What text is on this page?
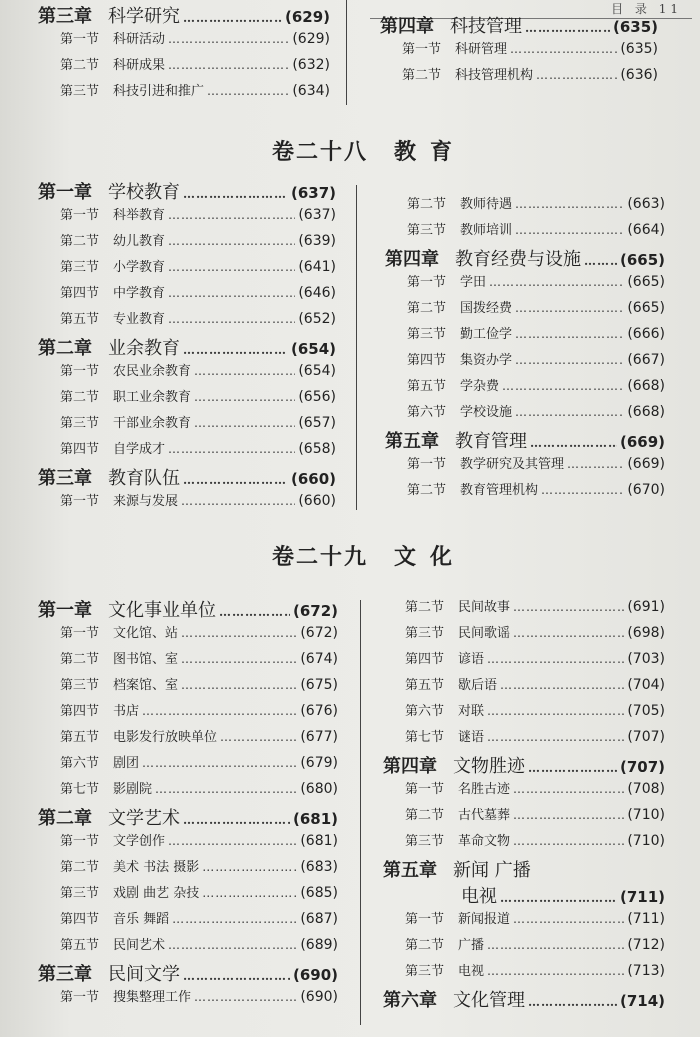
目 录 11
第三章 科学研究 …………………………………………………………………………	(629)
第一节 科研活动 …………………………………………………………………………	(629)
第二节 科研成果 …………………………………………………………………………	(632)
第三节 科技引进和推广 …………………………………………………………………………	(634)
第四章 科技管理 …………………………………………………………………………	(635)
第一节 科研管理 …………………………………………………………………………	(635)
第二节 科技管理机构 …………………………………………………………………………	(636)
卷二十八 教育
第一章 学校教育 …………………………………………………………………………	(637)
第一节 科举教育 …………………………………………………………………………	(637)
第二节 幼儿教育 …………………………………………………………………………	(639)
第三节 小学教育 …………………………………………………………………………	(641)
第四节 中学教育 …………………………………………………………………………	(646)
第五节 专业教育 …………………………………………………………………………	(652)
第二章 业余教育 …………………………………………………………………………	(654)
第一节 农民业余教育 …………………………………………………………………………	(654)
第二节 职工业余教育 …………………………………………………………………………	(656)
第三节 干部业余教育 …………………………………………………………………………	(657)
第四节 自学成才 …………………………………………………………………………	(658)
第三章 教育队伍 …………………………………………………………………………	(660)
第一节 来源与发展 …………………………………………………………………………	(660)
第二节 教师待遇 …………………………………………………………………………	(663)
第三节 教师培训 …………………………………………………………………………	(664)
第四章 教育经费与设施 …………………………………………………………………………	(665)
第一节 学田 …………………………………………………………………………	(665)
第二节 国拨经费 …………………………………………………………………………	(665)
第三节 勤工俭学 …………………………………………………………………………	(666)
第四节 集资办学 …………………………………………………………………………	(667)
第五节 学杂费 …………………………………………………………………………	(668)
第六节 学校设施 …………………………………………………………………………	(668)
第五章 教育管理 …………………………………………………………………………	(669)
第一节 教学研究及其管理 …………………………………………………………………………	(669)
第二节 教育管理机构 …………………………………………………………………………	(670)
卷二十九 文化
第一章 文化事业单位 …………………………………………………………………………	(672)
第一节 文化馆、站 …………………………………………………………………………	(672)
第二节 图书馆、室 …………………………………………………………………………	(674)
第三节 档案馆、室 …………………………………………………………………………	(675)
第四节 书店 …………………………………………………………………………	(676)
第五节 电影发行放映单位 …………………………………………………………………………	(677)
第六节 剧团 …………………………………………………………………………	(679)
第七节 影剧院 …………………………………………………………………………	(680)
第二章 文学艺术 …………………………………………………………………………	(681)
第一节 文学创作 …………………………………………………………………………	(681)
第二节 美术 书法 摄影 …………………………………………………………………………	(683)
第三节 戏剧 曲艺 杂技 …………………………………………………………………………	(685)
第四节 音乐 舞蹈 …………………………………………………………………………	(687)
第五节 民间艺术 …………………………………………………………………………	(689)
第三章 民间文学 …………………………………………………………………………	(690)
第一节 搜集整理工作 …………………………………………………………………………	(690)
第二节 民间故事 …………………………………………………………………………	(691)
第三节 民间歌谣 …………………………………………………………………………	(698)
第四节 谚语 …………………………………………………………………………	(703)
第五节 歇后语 …………………………………………………………………………	(704)
第六节 对联 …………………………………………………………………………	(705)
第七节 谜语 …………………………………………………………………………	(707)
第四章 文物胜迹 …………………………………………………………………………	(707)
第一节 名胜古迹 …………………………………………………………………………	(708)
第二节 古代墓葬 …………………………………………………………………………	(710)
第三节 革命文物 …………………………………………………………………………	(710)
第五章 新闻 广播
电视 …………………………………………………………………………	(711)
第一节 新闻报道 …………………………………………………………………………	(711)
第二节 广播 …………………………………………………………………………	(712)
第三节 电视 …………………………………………………………………………	(713)
第六章 文化管理 …………………………………………………………………………	(714)
